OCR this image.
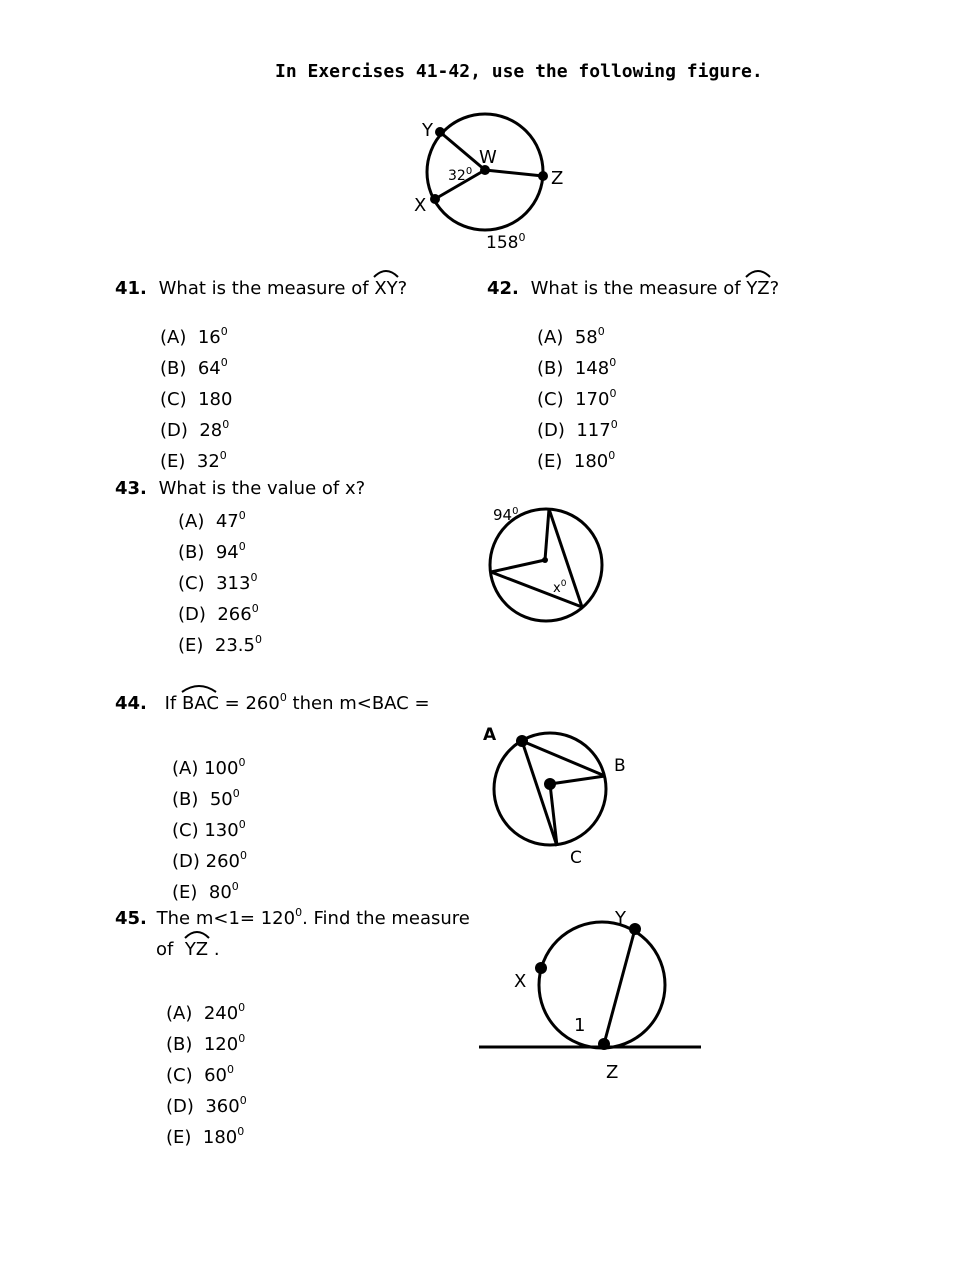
In Exercises 41-42, use the following figure.
Y
W
Z
X
$32^0$
$158^0$
41. What is the measure of
XY?
(A) $16^0$
(B) $64^0$
(C) 180
(D) $28^0$
(E) $32^0$
42. What is the measure of
YZ?
(A) $58^0$
(B) $148^0$
(C) $170^0$
(D) $117^0$
(E) $180^0$
43. What is the value of x?
(A) $47^0$
(B) $94^0$
(C) $313^0$
(D) $266^0$
(E) 23.5$^0$
$94^0$
$x^0$
44. If
BAC = $260^0$ then m<BAC =
(A) $100^0$
(B) $50^0$
(C) $130^0$
(D) $260^0$
(E) $80^0$
A
B
C
45. The $m<1= 120^0$. Find the measure
of YZ .
(A) $240^0$
(B) $120^0$
(C) $60^0$
(D) $360^0$
(E) $180^0$
Y
X
1
Z
